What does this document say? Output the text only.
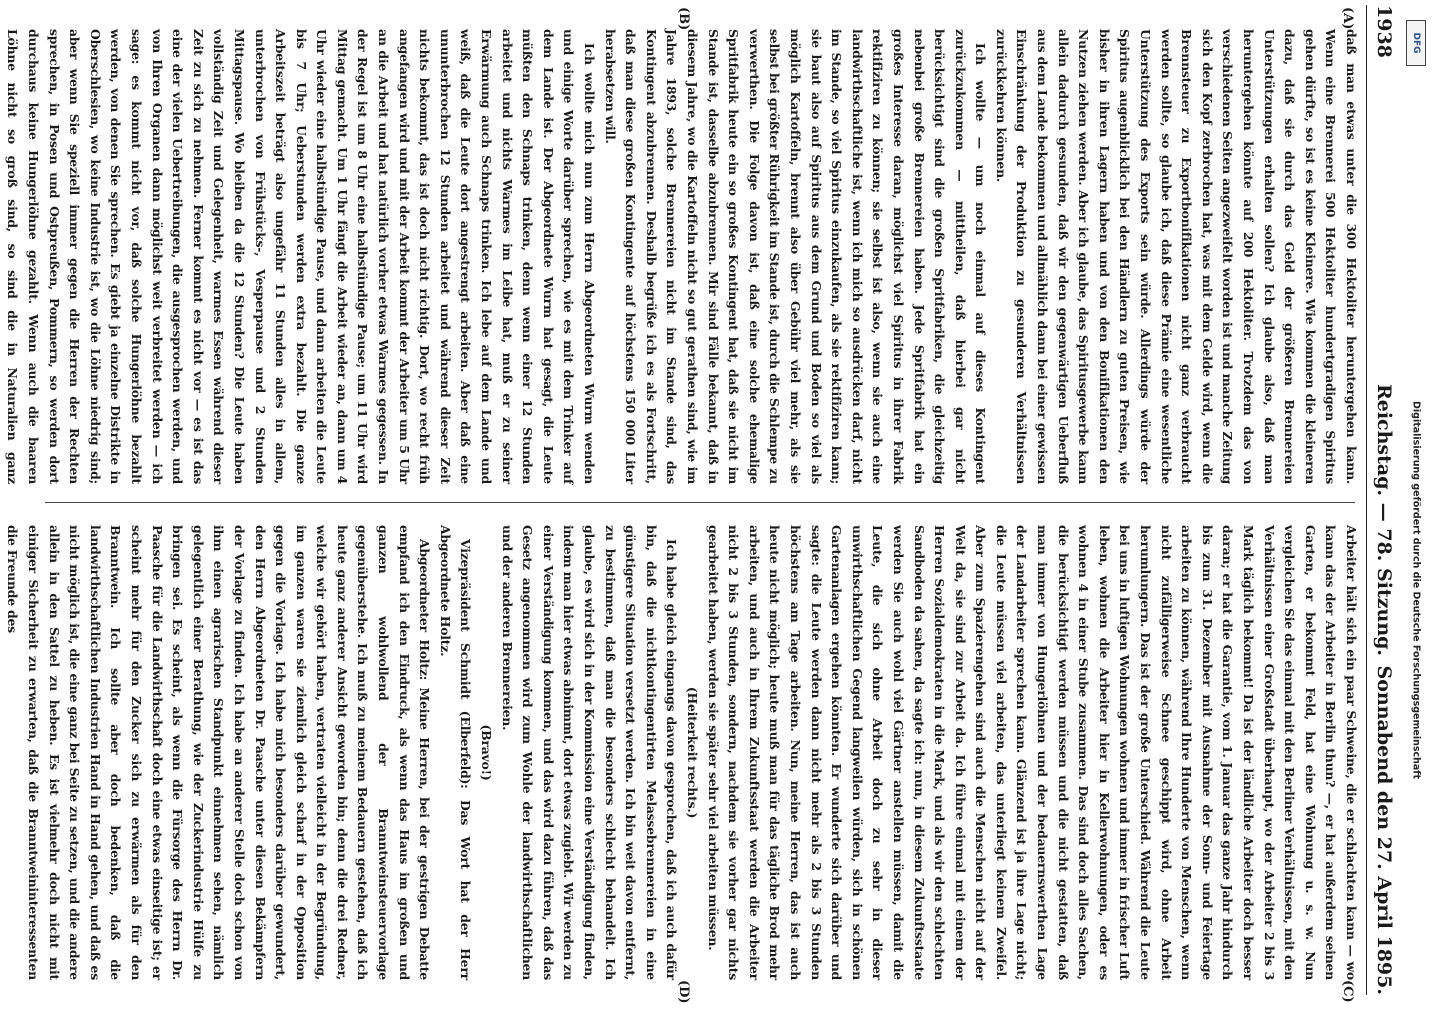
1938
Reichstag. — 78. Sitzung.
Sonnabend den 27. April 1895.
(A)
(B)
(C)
(D)

daß man etwas unter die 300 Hektoliter heruntergehen kann. Wenn eine Brennerei 500 Hektoliter hundertgradigen Spiritus gehen dürfte, so ist es keine Kleinere. Wie kommen die kleineren dazu, daß sie durch das Geld der größeren Brennereien Unterstützungen erhalten sollen? Ich glaube also, daß man heruntergehen könnte auf 200 Hektoliter. Trotzdem das von verschiedenen Seiten angezweifelt worden ist und manche Zeitung sich den Kopf zerbrochen hat, was mit dem Gelde wird, wenn die Brennsteuer zu Exportbonifikationen nicht ganz verbraucht werden sollte, so glaube ich, daß diese Prämie eine wesentliche Unterstützung des Exports sein würde. Allerdings würde der Spiritus augenblicklich bei den Händlern zu guten Preisen, wie bisher in ihren Lagern haben und von den Bonifikationen den Nutzen ziehen werden. Aber ich glaube, das Spiritusgewerbe kann allein dadurch gesunden, daß wir den gegenwärtigen Ueberfluß aus dem Lande bekommen und allmählich dann bei einer gewissen Einschränkung der Produktion zu gesunderen Verhältnissen zurückkehren können.

Ich wollte — um noch einmal auf dieses Kontingent zurückzukommen — mittheilen, daß hierbei gar nicht berücksichtigt sind die großen Spritfabriken, die gleichzeitig nebenbei große Brennereien haben. Jede Spritfabrik hat ein großes Interesse daran, möglichst viel Spiritus in ihrer Fabrik rektifiziren zu können; sie selbst ist also, wenn sie auch eine landwirthschaftliche ist, wenn ich mich so ausdrücken darf, nicht im Stande, so viel Spiritus einzukaufen, als sie rektifiziren kann; sie baut also auf Spiritus aus dem Grund und Boden so viel als möglich Kartoffeln, brennt also über Gebühr viel mehr, als sie selbst bei größter Rührigkeit im Stande ist, durch die Schlempe zu verwerthen. Die Folge davon ist, daß eine solche ehemalige Spritfabrik heute ein so großes Kontingent hat, daß sie nicht im Stande ist, dasselbe abzubrennen. Mir sind Fälle bekannt, daß in diesem Jahre, wo die Kartoffeln nicht so gut gerathen sind, wie im Jahre 1893, solche Brennereien nicht im Stande sind, das Kontingent abzubrennen. Deshalb begrüße ich es als Fortschritt, daß man diese großen Kontingente auf höchstens 150 000 Liter herabsetzen will.

Ich wollte mich nun zum Herrn Abgeordneten Wurm wenden und einige Worte darüber sprechen, wie es mit dem Trinker auf dem Lande ist. Der Abgeordnete Wurm hat gesagt, die Leute müßten den Schnaps trinken, denn wenn einer 12 Stunden arbeitet und nichts Warmes im Leibe hat, muß er zu seiner Erwärmung auch Schnaps trinken. Ich lebe auf dem Lande und weiß, daß die Leute dort angestrengt arbeiten. Aber daß eine ununterbrochen 12 Stunden arbeitet und während dieser Zeit nichts bekommt, das ist doch nicht richtig. Dort, wo recht früh angefangen wird und mit der Arbeit kommt der Arbeiter um 5 Uhr an die Arbeit und hat natürlich vorher etwas Warmes gegessen. In der Regel ist um 8 Uhr eine halbstündige Pause; um 11 Uhr wird Mittag gemacht. Um 1 Uhr fängt die Arbeit wieder an, dann um 4 Uhr wieder eine halbstündige Pause, und dann arbeiten die Leute bis 7 Uhr; Ueberstunden werden extra bezahlt. Die ganze Arbeitszeit beträgt also ungefähr 11 Stunden alles in allem, unterbrochen von Frühstücks-, Vesperpause und 2 Stunden Mittagspause. Wo bleiben da die 12 Stunden? Die Leute haben vollständig Zeit und Gelegenheit, warmes Essen während dieser Zeit zu sich zu nehmen. Ferner kommt es nicht vor — es ist das eine der vielen Uebertreibungen, die ausgesprochen werden, und von Ihren Organen dann möglichst weit verbreitet werden — ich sage: es kommt nicht vor, daß solche Hungerlöhne bezahlt werden, von denen Sie sprechen. Es giebt ja einzelne Distrikte in Oberschlesien, wo keine Industrie ist, wo die Löhne niedrig sind; aber wenn Sie speziell immer gegen die Herren der Rechten sprechen, in Posen und Ostpreußen, Pommern, so werden dort durchaus keine Hungerlöhne gezahlt. Wenn auch die baaren Löhne nicht so groß sind, so sind die in Naturalien ganz

Arbeiter hält sich ein paar Schweine, die er schlachten kann — wo kann das der Arbeiter in Berlin thun? —, er hat außerdem seinen Garten, er bekommt Feld, hat eine Wohnung u. s. w. Nun vergleichen Sie das einmal mit den Berliner Verhältnissen, mit den Verhältnissen einer Großstadt überhaupt, wo der Arbeiter 2 bis 3 Mark täglich bekommt! Da ist der ländliche Arbeiter doch besser daran; er hat die Garantie, vom 1. Januar das ganze Jahr hindurch bis zum 31. Dezember mit Ausnahme der Sonn- und Feiertage arbeiten zu können, während Ihre Hunderte von Menschen, wenn nicht zufälligerweise Schnee geschippt wird, ohne Arbeit herumlungern. Das ist der große Unterschied. Während die Leute bei uns in luftigen Wohnungen wohnen und immer in frischer Luft leben, wohnen die Arbeiter hier in Kellerwohnungen, oder es wohnen 4 in einer Stube zusammen. Das sind doch alles Sachen, die berücksichtigt werden müssen und die nicht gestatten, daß man immer von Hungerlöhnen und der bedauernswerthen Lage der Landarbeiter sprechen kann. Glänzend ist ja ihre Lage nicht; die Leute müssen viel arbeiten, das unterliegt keinem Zweifel. Aber zum Spazierengehen sind auch die Menschen nicht auf der Welt da, sie sind zur Arbeit da. Ich führe einmal mit einem der Herren Sozialdemokraten in die Mark, und als wir den schlechten Sandboden da sahen, da sagte ich: nun, in diesem Zukunftsstaate werden Sie auch wohl viel Gärtner anstellen müssen, damit die Leute, die sich ohne Arbeit doch zu sehr in dieser unwirthschaftlichen Gegend langweilen würden, sich in schönen Gartenanlagen ergehen könnten. Er wunderte sich darüber und sagte: die Leute werden dann nicht mehr als 2 bis 3 Stunden höchstens am Tage arbeiten. Nun, meine Herren, das ist auch heute nicht möglich; heute muß man für das tägliche Brod mehr arbeiten, und auch in Ihrem Zukunftsstaat werden die Arbeiter nicht 2 bis 3 Stunden, sondern, nachdem sie vorher gar nichts gearbeitet haben, werden sie später sehr viel arbeiten müssen.

(Heiterkeit rechts.)

Ich habe gleich eingangs davon gesprochen, daß ich auch dafür bin, daß die nichtkontingentirten Melassebrennereien in eine günstigere Situation versetzt werden. Ich bin weit davon entfernt, zu bestimmen, daß man die besonders schlecht behandelt. Ich glaube, es wird sich in der Kommission eine Verständigung finden, indem man hier etwas abnimmt, dort etwas zugiebt. Wir werden zu einer Verständigung kommen, und das wird dazu führen, daß das Gesetz angenommen wird zum Wohle der landwirthschaftlichen und der anderen Brennereien.

(Bravo!)

Vizepräsident Schmidt (Elberfeld): Das Wort hat der Herr Abgeordnete Holtz.

Abgeordneter Holtz: Meine Herren, bei der gestrigen Debatte empfand ich den Eindruck, als wenn das Haus im großen und ganzen wohlwollend der Branntweinsteuervorlage gegenüberstehe. Ich muß zu meinem Bedauern gestehen, daß ich heute ganz anderer Ansicht geworden bin; denn die drei Redner, welche wir gehört haben, vertraten vielleicht in der Begründung, im ganzen waren sie ziemlich gleich scharf in der Opposition gegen die Vorlage. Ich habe mich besonders darüber gewundert, den Herrn Abgeordneten Dr. Paasche unter diesen Bekämpfern der Vorlage zu finden. Ich habe an anderer Stelle doch schon von ihm einen agrarischen Standpunkt einnehmen sehen, nämlich gelegentlich einer Berathung, wie der Zuckerindustrie Hülfe zu bringen sei. Es scheint, als wenn die Fürsorge des Herrn Dr. Paasche für die Landwirthschaft doch eine etwas einseitige ist; er scheint mehr für den Zucker sich zu erwärmen als für den Branntwein. Ich sollte aber doch bedenken, daß die landwirthschaftlichen Industrien Hand in Hand gehen, und daß es nicht möglich ist, die eine ganz bei Seite zu setzen, und die andere allein in den Sattel zu heben. Es ist vielmehr doch nicht mit einiger Sicherheit zu erwarten, daß die Branntweininteressenten die Freunde des

DFG
Digitalisierung gefördert durch die Deutsche Forschungsgemeinschaft
